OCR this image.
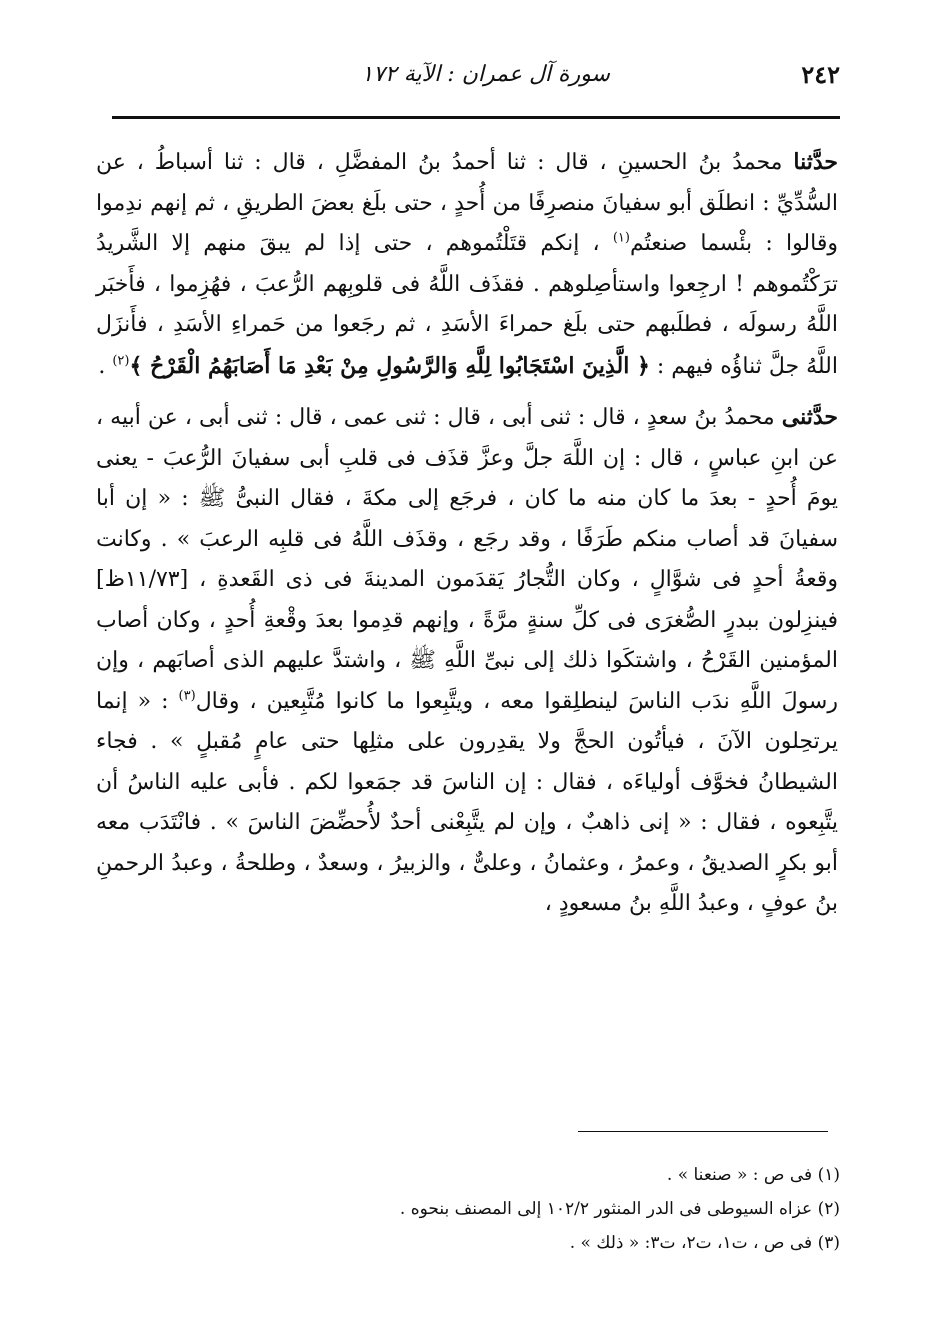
٢٤٢
سورة آل عمران : الآية ١٧٢

حدَّثنا محمدُ بنُ الحسينِ ، قال : ثنا أحمدُ بنُ المفضَّلِ ، قال : ثنا أسباطُ ، عن السُّدِّيِّ : انطلَق أبو سفيانَ منصرِفًا من أُحدٍ ، حتى بلَغ بعضَ الطريقِ ، ثم إنهم ندِموا وقالوا : بئْسما صنعتُم$^{(١)}$ ، إنكم قتَلْتُموهم ، حتى إذا لم يبقَ منهم إلا الشَّريدُ ترَكْتُموهم ! ارجِعوا واستأصِلوهم . فقذَف اللَّهُ فى قلوبِهم الرُّعبَ ، فهُزِموا ، فأَخبَر اللَّهُ رسولَه ، فطلَبهم حتى بلَغ حمراءَ الأسَدِ ، ثم رجَعوا من حَمراءِ الأسَدِ ، فأَنزَل اللَّهُ جلَّ ثناؤُه فيهم : ﴿ الَّذِينَ اسْتَجَابُوا لِلَّهِ وَالرَّسُولِ مِنْ بَعْدِ مَا أَصَابَهُمُ الْقَرْحُ ﴾$^{(٢)}$ .

حدَّثنى محمدُ بنُ سعدٍ ، قال : ثنى أبى ، قال : ثنى عمى ، قال : ثنى أبى ، عن أبيه ، عن ابنِ عباسٍ ، قال : إن اللَّهَ جلَّ وعزَّ قذَف فى قلبِ أبى سفيانَ الرُّعبَ - يعنى يومَ أُحدٍ - بعدَ ما كان منه ما كان ، فرجَع إلى مكةَ ، فقال النبىُّ ﷺ : « إن أبا سفيانَ قد أصاب منكم طَرَفًا ، وقد رجَع ، وقذَف اللَّهُ فى قلبِه الرعبَ » . وكانت وقعةُ أحدٍ فى شوَّالٍ ، وكان التُّجارُ يَقدَمون المدينةَ فى ذى القَعدةِ ، [١١/٧٣ظ] فينزِلون ببدرٍ الصُّغرَى فى كلِّ سنةٍ مرَّةً ، وإنهم قدِموا بعدَ وقْعةِ أُحدٍ ، وكان أصاب المؤمنين القَرْحُ ، واشتكَوا ذلك إلى نبىِّ اللَّهِ ﷺ ، واشتدَّ عليهم الذى أصابَهم ، وإن رسولَ اللَّهِ ندَب الناسَ لينطلِقوا معه ، ويتَّبِعوا ما كانوا مُتَّبِعين ، وقال$^{(٣)}$ : « إنما يرتحِلون الآنَ ، فيأتُون الحجَّ ولا يقدِرون على مثلِها حتى عامٍ مُقبلٍ » . فجاء الشيطانُ فخوَّف أولياءَه ، فقال : إن الناسَ قد جمَعوا لكم . فأبى عليه الناسُ أن يتَّبِعوه ، فقال : « إنى ذاهبٌ ، وإن لم يتَّبِعْنى أحدٌ لأُحضِّضَ الناسَ » . فانْتَدَب معه أبو بكرٍ الصديقُ ، وعمرُ ، وعثمانُ ، وعلىٌّ ، والزبيرُ ، وسعدٌ ، وطلحةُ ، وعبدُ الرحمنِ بنُ عوفٍ ، وعبدُ اللَّهِ بنُ مسعودٍ ،

(١) فى ص : « صنعنا » .

(٢) عزاه السيوطى فى الدر المنثور ١٠٢/٢ إلى المصنف بنحوه .

(٣) فى ص ، ت١، ت٢، ت٣: « ذلك » .
